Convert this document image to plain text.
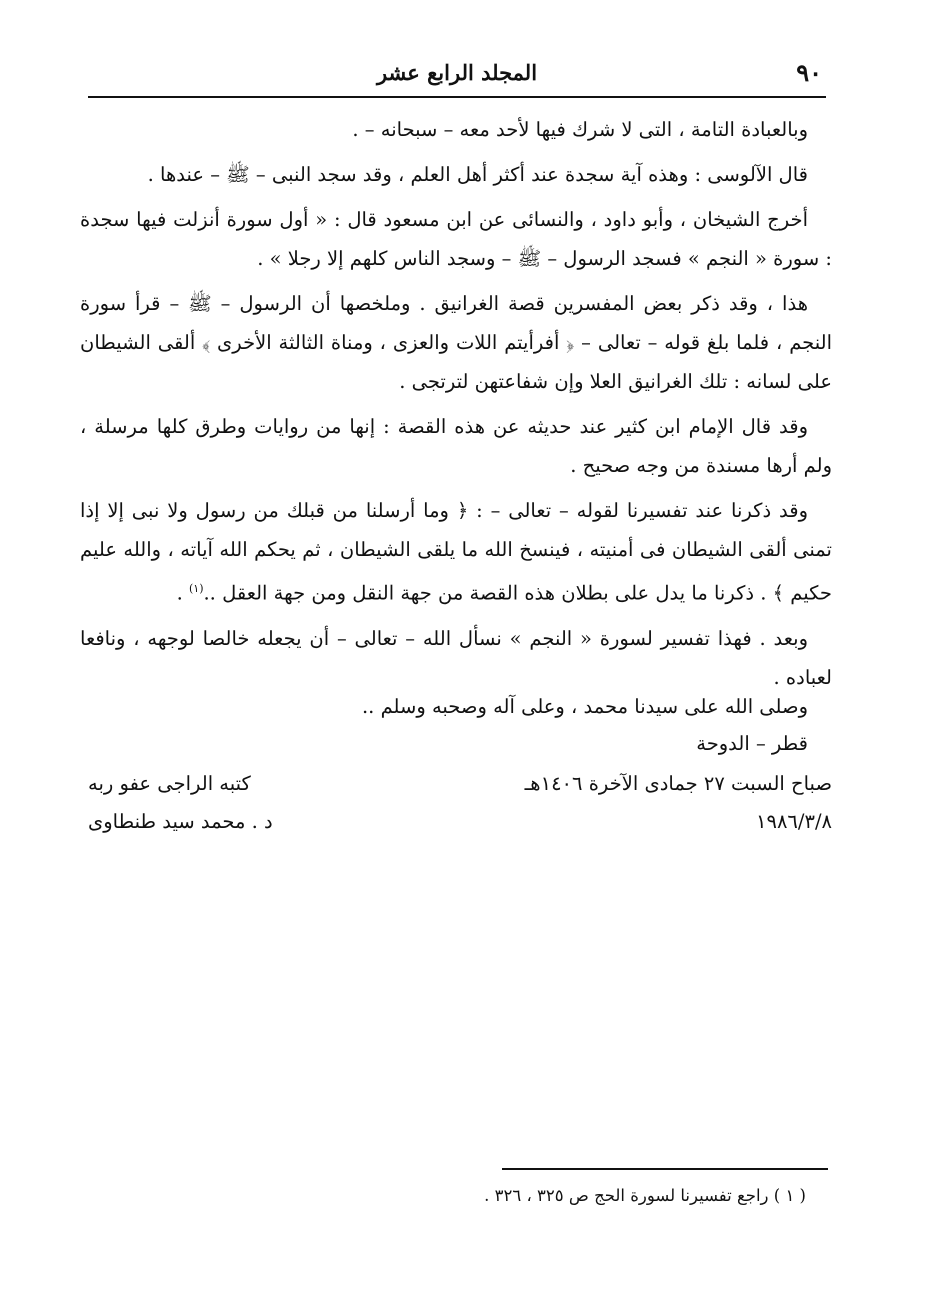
٩٠
المجلد الرابع عشر

وبالعبادة التامة ، التى لا شرك فيها لأحد معه – سبحانه – .

قال الآلوسى : وهذه آية سجدة عند أكثر أهل العلم ، وقد سجد النبى – ﷺ – عندها .

أخرج الشيخان ، وأبو داود ، والنسائى عن ابن مسعود قال : « أول سورة أنزلت فيها سجدة : سورة « النجم » فسجد الرسول – ﷺ – وسجد الناس كلهم إلا رجلا » .

هذا ، وقد ذكر بعض المفسرين قصة الغرانيق . وملخصها أن الرسول – ﷺ – قرأ سورة النجم ، فلما بلغ قوله – تعالى – ﴿ أفرأيتم اللات والعزى ، ومناة الثالثة الأخرى ﴾ ألقى الشيطان على لسانه : تلك الغرانيق العلا وإن شفاعتهن لترتجى .

وقد قال الإمام ابن كثير عند حديثه عن هذه القصة : إنها من روايات وطرق كلها مرسلة ، ولم أرها مسندة من وجه صحيح .

وقد ذكرنا عند تفسيرنا لقوله – تعالى – : ﴿ وما أرسلنا من قبلك من رسول ولا نبى إلا إذا تمنى ألقى الشيطان فى أمنيته ، فينسخ الله ما يلقى الشيطان ، ثم يحكم الله آياته ، والله عليم حكيم ﴾ . ذكرنا ما يدل على بطلان هذه القصة من جهة النقل ومن جهة العقل ..$^{(١)}$ .

وبعد . فهذا تفسير لسورة « النجم » نسأل الله – تعالى – أن يجعله خالصا لوجهه ، ونافعا لعباده .

وصلى الله على سيدنا محمد ، وعلى آله وصحبه وسلم ..
قطر – الدوحة
صباح السبت ٢٧ جمادى الآخرة ١٤٠٦هـ
كتبه الراجى عفو ربه
١٩٨٦/٣/٨
د . محمد سيد طنطاوى
( ١ ) راجع تفسيرنا لسورة الحج ص ٣٢٥ ، ٣٢٦ .
